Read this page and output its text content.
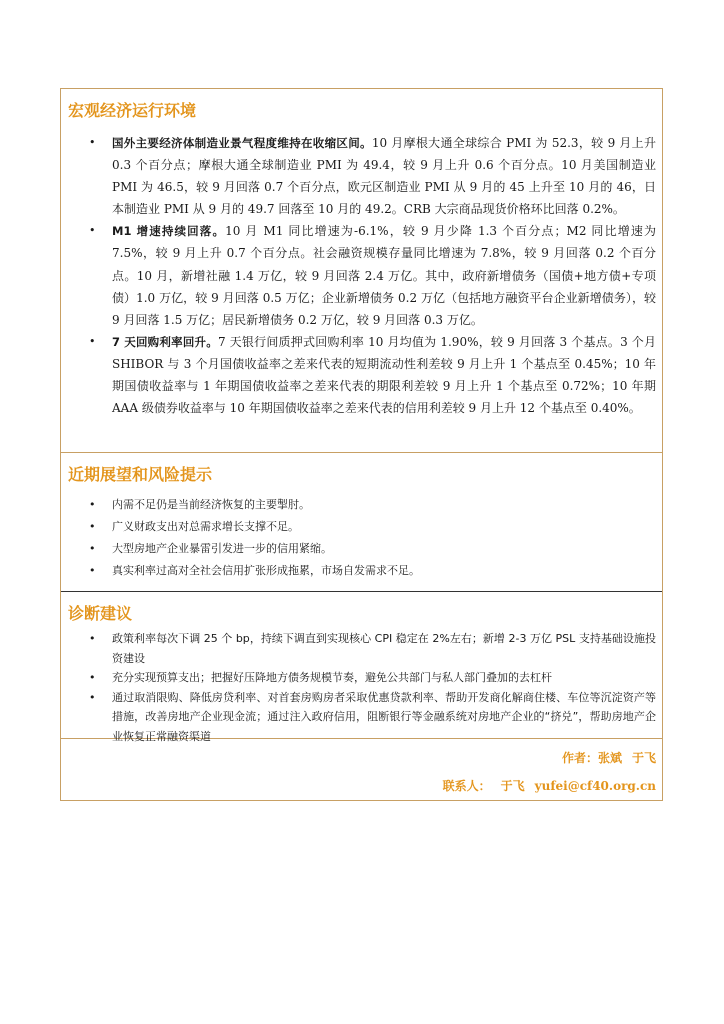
宏观经济运行环境
• 国外主要经济体制造业景气程度维持在收缩区间。10 月摩根大通全球综合 PMI 为 52.3，较 9 月上升 0.3 个百分点；摩根大通全球制造业 PMI 为 49.4，较 9 月上升 0.6 个百分点。10 月美国制造业 PMI 为 46.5，较 9 月回落 0.7 个百分点，欧元区制造业 PMI 从 9 月的 45 上升至 10 月的 46，日本制造业 PMI 从 9 月的 49.7 回落至 10 月的 49.2。CRB 大宗商品现货价格环比回落 0.2%。
• M1 增速持续回落。10 月 M1 同比增速为-6.1%，较 9 月少降 1.3 个百分点；M2 同比增速为 7.5%，较 9 月上升 0.7 个百分点。社会融资规模存量同比增速为 7.8%，较 9 月回落 0.2 个百分点。10 月，新增社融 1.4 万亿，较 9 月回落 2.4 万亿。其中，政府新增债务（国债+地方债+专项债）1.0 万亿，较 9 月回落 0.5 万亿；企业新增债务 0.2 万亿（包括地方融资平台企业新增债务），较 9 月回落 1.5 万亿；居民新增债务 0.2 万亿，较 9 月回落 0.3 万亿。
• 7 天回购利率回升。7 天银行间质押式回购利率 10 月均值为 1.90%，较 9 月回落 3 个基点。3 个月 SHIBOR 与 3 个月国债收益率之差来代表的短期流动性利差较 9 月上升 1 个基点至 0.45%；10 年期国债收益率与 1 年期国债收益率之差来代表的期限利差较 9 月上升 1 个基点至 0.72%；10 年期 AAA 级债券收益率与 10 年期国债收益率之差来代表的信用利差较 9 月上升 12 个基点至 0.40%。
近期展望和风险提示
• 内需不足仍是当前经济恢复的主要掣肘。
• 广义财政支出对总需求增长支撑不足。
• 大型房地产企业暴雷引发进一步的信用紧缩。
• 真实利率过高对全社会信用扩张形成拖累，市场自发需求不足。
诊断建议
• 政策利率每次下调 25 个 bp，持续下调直到实现核心 CPI 稳定在 2%左右；新增 2-3 万亿 PSL 支持基础设施投资建设
• 充分实现预算支出；把握好压降地方债务规模节奏，避免公共部门与私人部门叠加的去杠杆
• 通过取消限购、降低房贷利率、对首套房购房者采取优惠贷款利率、帮助开发商化解商住楼、车位等沉淀资产等措施，改善房地产企业现金流；通过注入政府信用，阻断银行等金融系统对房地产企业的“挤兑”，帮助房地产企业恢复正常融资渠道
作者：张斌 于飞
联系人： 于飞 yufei@cf40.org.cn
